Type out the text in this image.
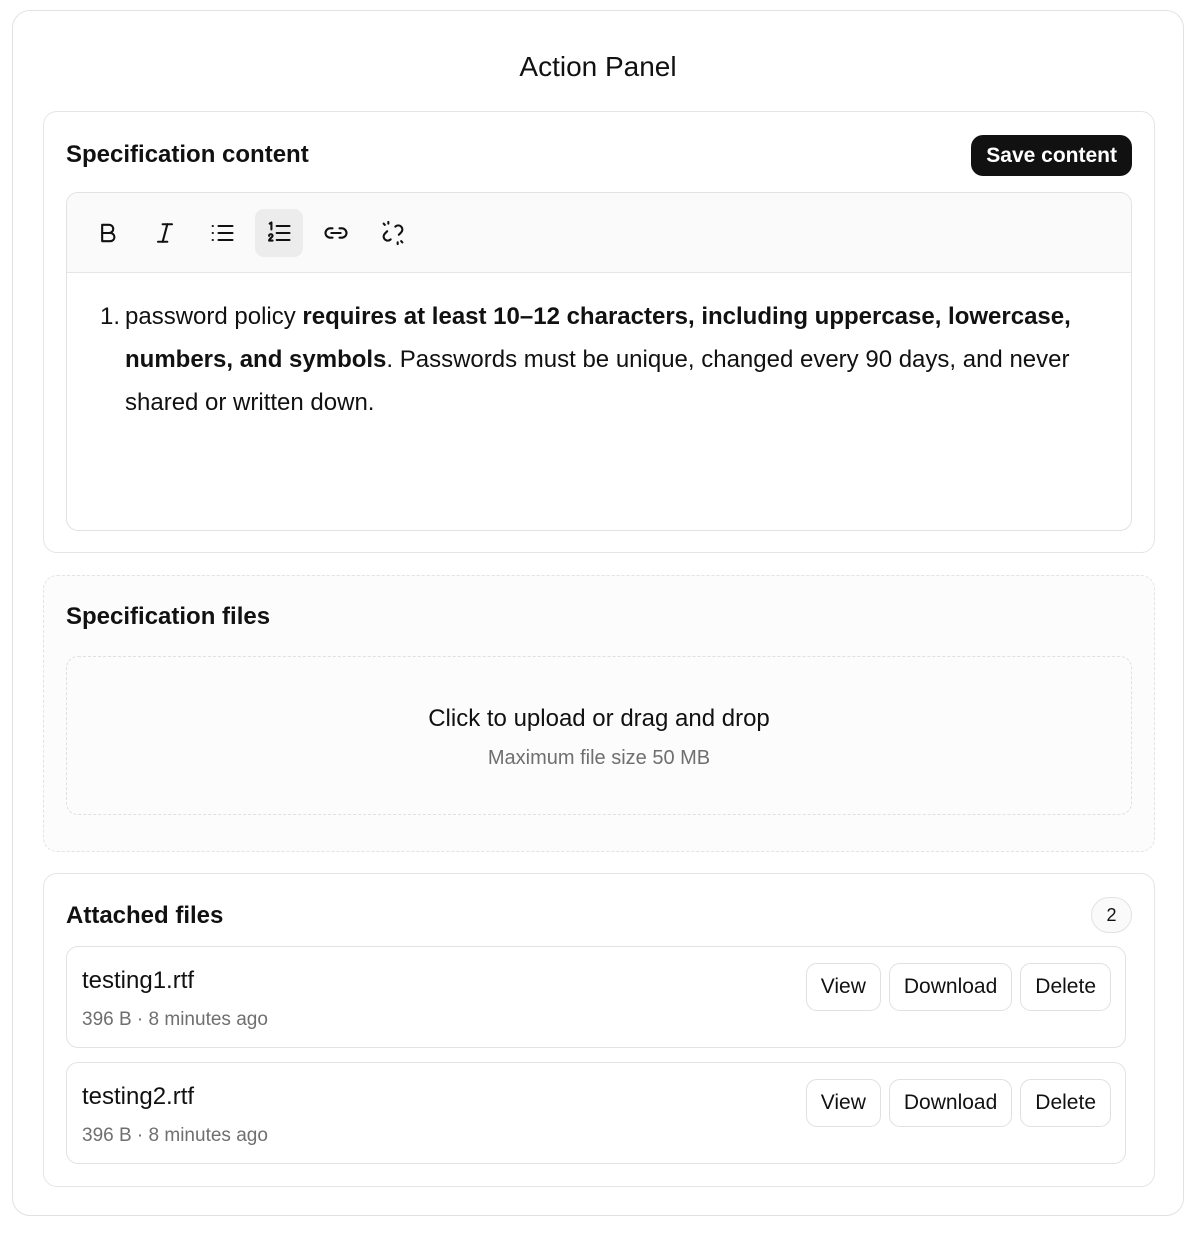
Action Panel
Specification content	Save content
1. password policy requires at least 10–12 characters, including uppercase, lowercase, numbers, and symbols. Passwords must be unique, changed every 90 days, and never shared or written down.
Specification files
Click to upload or drag and drop
Maximum file size 50 MB
Attached files	2
testing1.rtf
396 B · 8 minutes ago
View	Download	Delete
testing2.rtf
396 B · 8 minutes ago
View	Download	Delete
